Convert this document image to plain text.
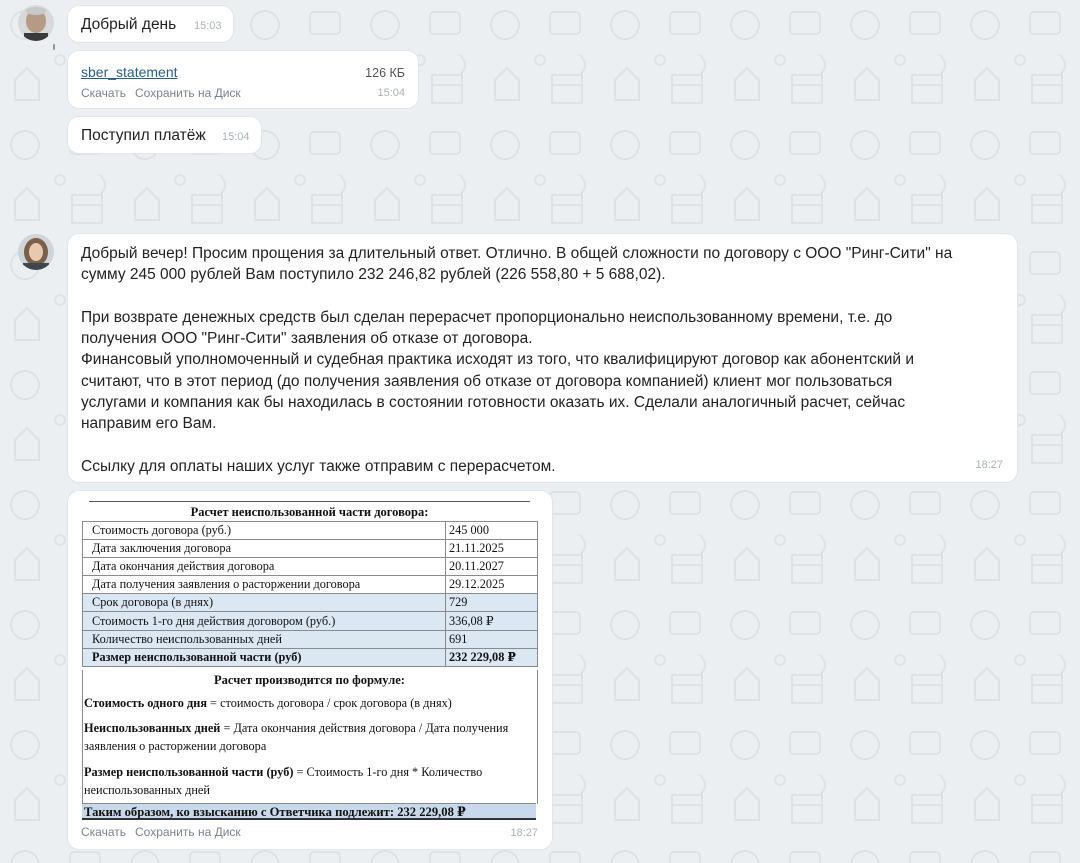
Добрый день 15:03
sber_statement	126 КБ
Скачать Сохранить на Диск	15:04
Поступил платёж 15:04

Добрый вечер! Просим прощения за длительный ответ. Отлично. В общей сложности по договору с ООО "Ринг-Сити" на

сумму 245 000 рублей Вам поступило 232 246,82 рублей (226 558,80 + 5 688,02).

При возврате денежных средств был сделан перерасчет пропорционально неиспользованному времени, т.е. до

получения ООО "Ринг-Сити" заявления об отказе от договора.

Финансовый уполномоченный и судебная практика исходят из того, что квалифицируют договор как абонентский и

считают, что в этот период (до получения заявления об отказе от договора компанией) клиент мог пользоваться

услугами и компания как бы находилась в состоянии готовности оказать их. Сделали аналогичный расчет, сейчас

направим его Вам.

Ссылку для оплаты наших услуг также отправим с перерасчетом.	18:27
Расчет неиспользованной части договора:
Стоимость договора (руб.)	245 000
Дата заключения договора	21.11.2025
Дата окончания действия договора	20.11.2027
Дата получения заявления о расторжении договора	29.12.2025
Срок договора (в днях)	729
Стоимость 1-го дня действия договором (руб.)	336,08 ₽
Количество неиспользованных дней	691
Размер неиспользованной части (руб)	232 229,08 ₽
Расчет производится по формуле:
Стоимость одного дня = стоимость договора / срок договора (в днях)
Неиспользованных дней = Дата окончания действия договора / Дата получения заявления о расторжении договора
Размер неиспользованной части (руб) = Стоимость 1-го дня * Количество неиспользованных дней
Таким образом, ко взысканию с Ответчика подлежит: 232 229,08 ₽
Скачать Сохранить на Диск	18:27
